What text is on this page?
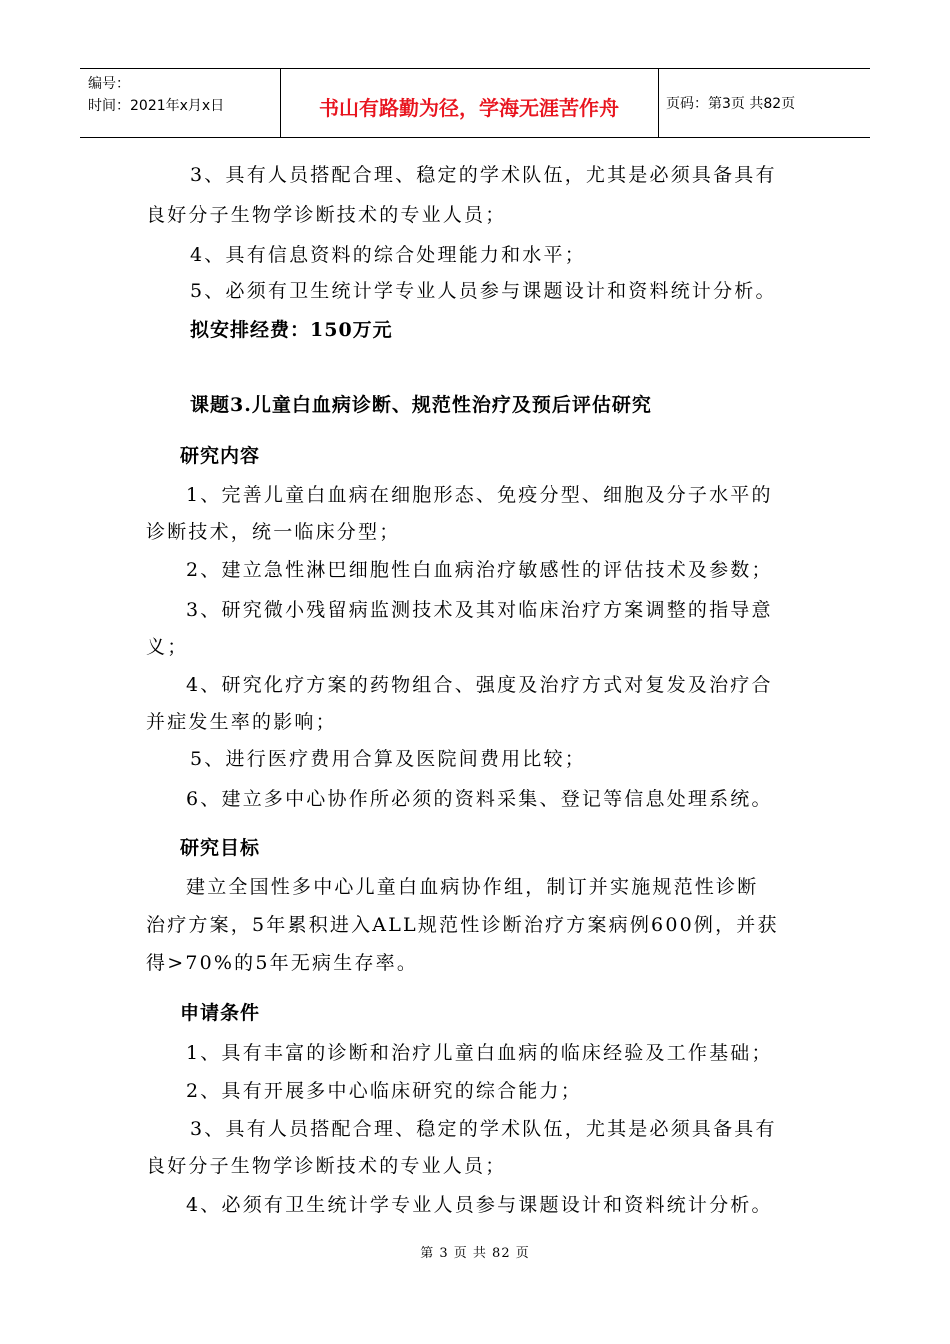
编号：
时间：2021年x月x日	书山有路勤为径，学海无涯苦作舟	页码：第3页 共82页
3、具有人员搭配合理、稳定的学术队伍，尤其是必须具备具有
良好分子生物学诊断技术的专业人员；
4、具有信息资料的综合处理能力和水平；
5、必须有卫生统计学专业人员参与课题设计和资料统计分析。
拟安排经费：150万元
课题3.儿童白血病诊断、规范性治疗及预后评估研究
研究内容
1、完善儿童白血病在细胞形态、免疫分型、细胞及分子水平的
诊断技术，统一临床分型；
2、建立急性淋巴细胞性白血病治疗敏感性的评估技术及参数；
3、研究微小残留病监测技术及其对临床治疗方案调整的指导意
义；
4、研究化疗方案的药物组合、强度及治疗方式对复发及治疗合
并症发生率的影响；
5、进行医疗费用合算及医院间费用比较；
6、建立多中心协作所必须的资料采集、登记等信息处理系统。
研究目标
建立全国性多中心儿童白血病协作组，制订并实施规范性诊断
治疗方案，5年累积进入ALL规范性诊断治疗方案病例600例，并获
得>70%的5年无病生存率。
申请条件
1、具有丰富的诊断和治疗儿童白血病的临床经验及工作基础；
2、具有开展多中心临床研究的综合能力；
3、具有人员搭配合理、稳定的学术队伍，尤其是必须具备具有
良好分子生物学诊断技术的专业人员；
4、必须有卫生统计学专业人员参与课题设计和资料统计分析。
第 3 页 共 82 页
